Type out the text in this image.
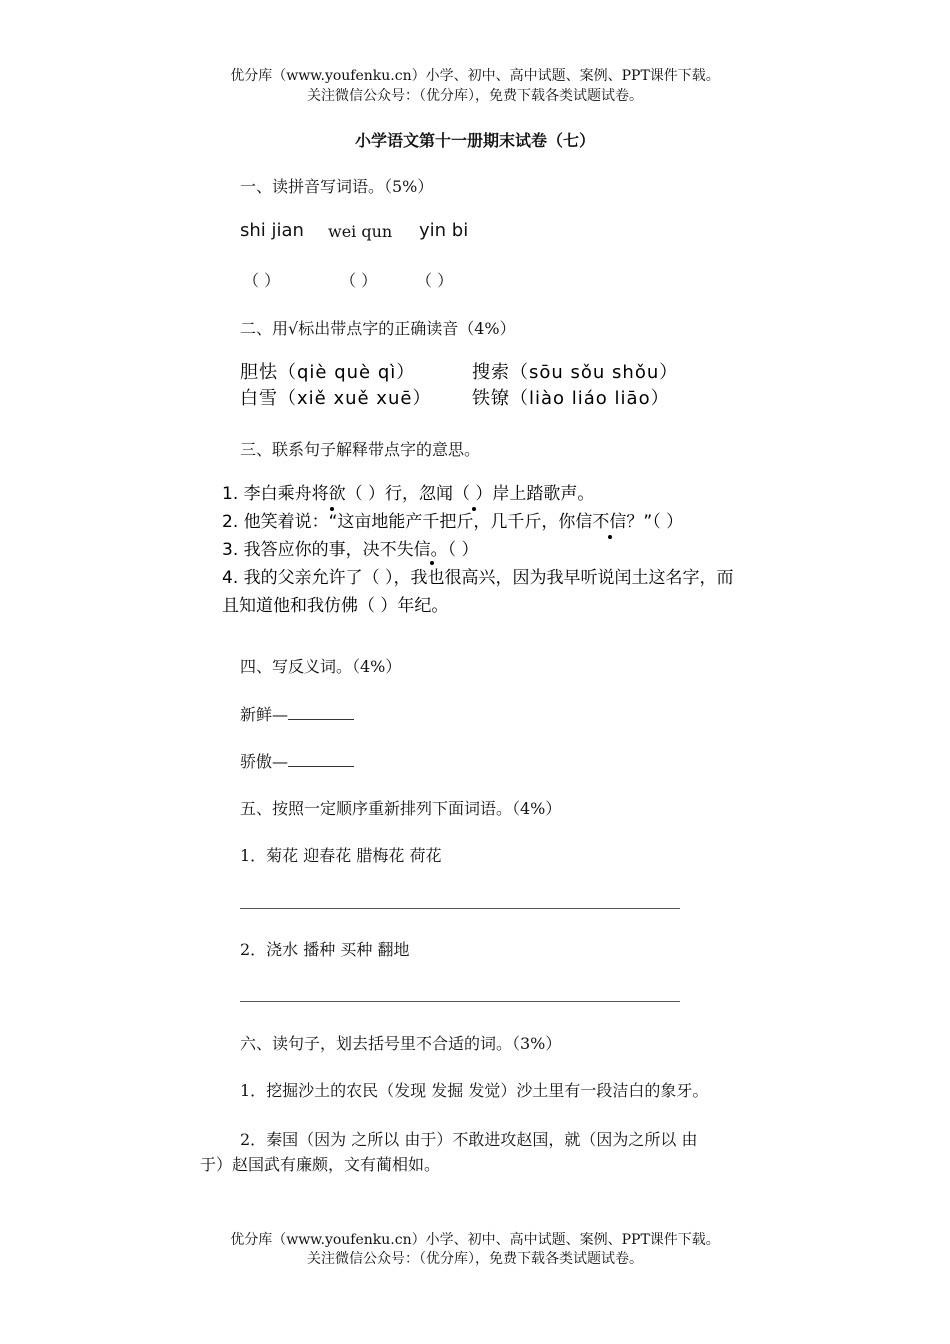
优分库（www.youfenku.cn）小学、初中、高中试题、案例、PPT课件下载。
关注微信公众号：（优分库），免费下载各类试题试卷。
小学语文第十一册期末试卷（七）
一、读拼音写词语。（5%）
shi jian wei qun yin bi
（ ）	（ ） （ ）
二、用√标出带点字的正确读音（4%）
胆怯（qiè què qì）	搜索（sōu sǒu shǒu）
白雪（xiě xuě xuē） 铁镣（liào liáo liāo）
三、联系句子解释带点字的意思。
1. 李白乘舟将欲（ ）行，忽闻（ ）岸上踏歌声。
2. 他笑着说：“这亩地能产千把斤，几千斤，你信不信？”（ ）
3. 我答应你的事，决不失信。（ ）
4. 我的父亲允许了（ ），我也很高兴，因为我早听说闰土这名字，而
且知道他和我仿佛（ ）年纪。
四、写反义词。（4%）
新鲜—
骄傲—
五、按照一定顺序重新排列下面词语。（4%）
1．菊花 迎春花 腊梅花 荷花
2．浇水 播种 买种 翻地
六、读句子，划去括号里不合适的词。（3%）
1．挖掘沙土的农民（发现 发掘 发觉）沙土里有一段洁白的象牙。
2．秦国（因为 之所以 由于）不敢进攻赵国，就（因为之所以 由
于）赵国武有廉颇，文有蔺相如。
优分库（www.youfenku.cn）小学、初中、高中试题、案例、PPT课件下载。
关注微信公众号：（优分库），免费下载各类试题试卷。
